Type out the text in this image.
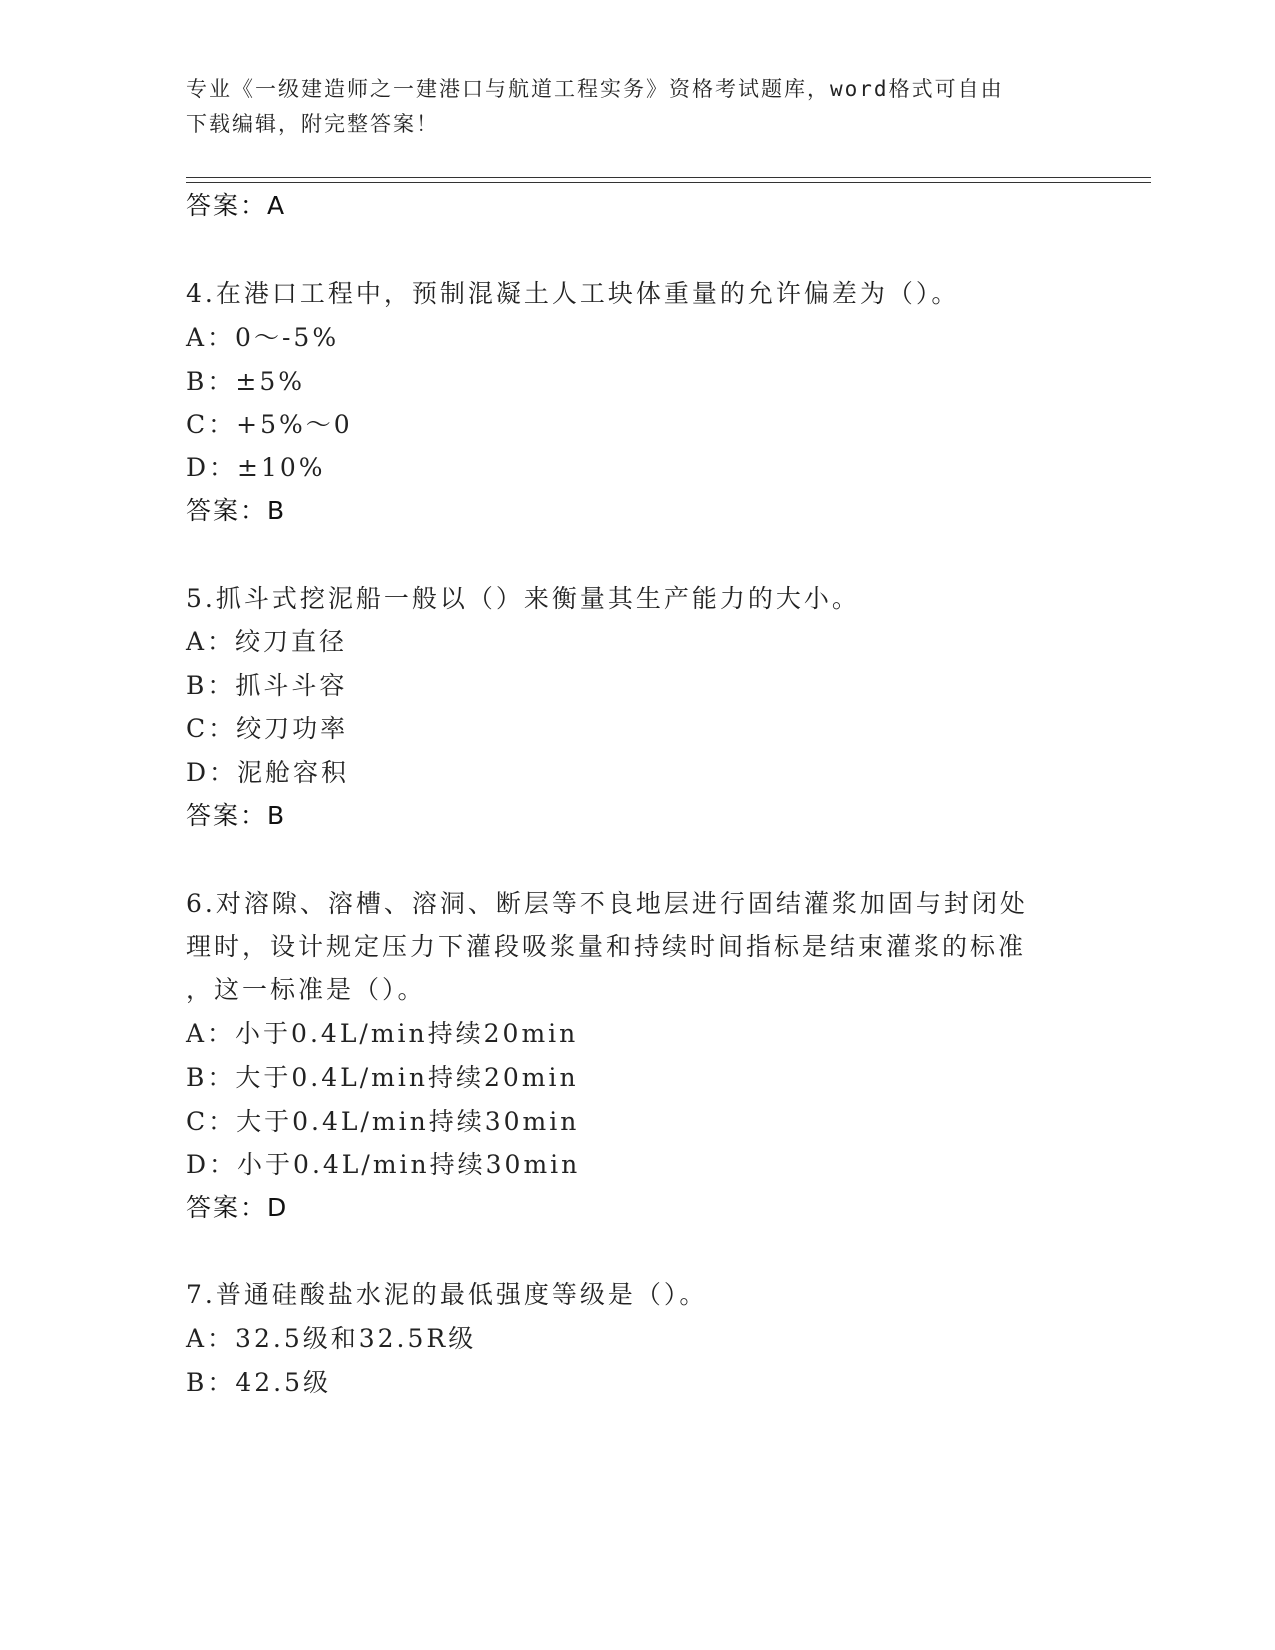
专业《一级建造师之一建港口与航道工程实务》资格考试题库，word格式可自由
下载编辑，附完整答案！
答案：A
4.在港口工程中，预制混凝土人工块体重量的允许偏差为（）。
A：0～-5%
B：±5%
C：+5%～0
D：±10%
答案：B
5.抓斗式挖泥船一般以（）来衡量其生产能力的大小。
A：绞刀直径
B：抓斗斗容
C：绞刀功率
D：泥舱容积
答案：B
6.对溶隙、溶槽、溶洞、断层等不良地层进行固结灌浆加固与封闭处
理时，设计规定压力下灌段吸浆量和持续时间指标是结束灌浆的标准
，这一标准是（）。
A：小于0.4L/min持续20min
B：大于0.4L/min持续20min
C：大于0.4L/min持续30min
D：小于0.4L/min持续30min
答案：D
7.普通硅酸盐水泥的最低强度等级是（）。
A：32.5级和32.5R级
B：42.5级
